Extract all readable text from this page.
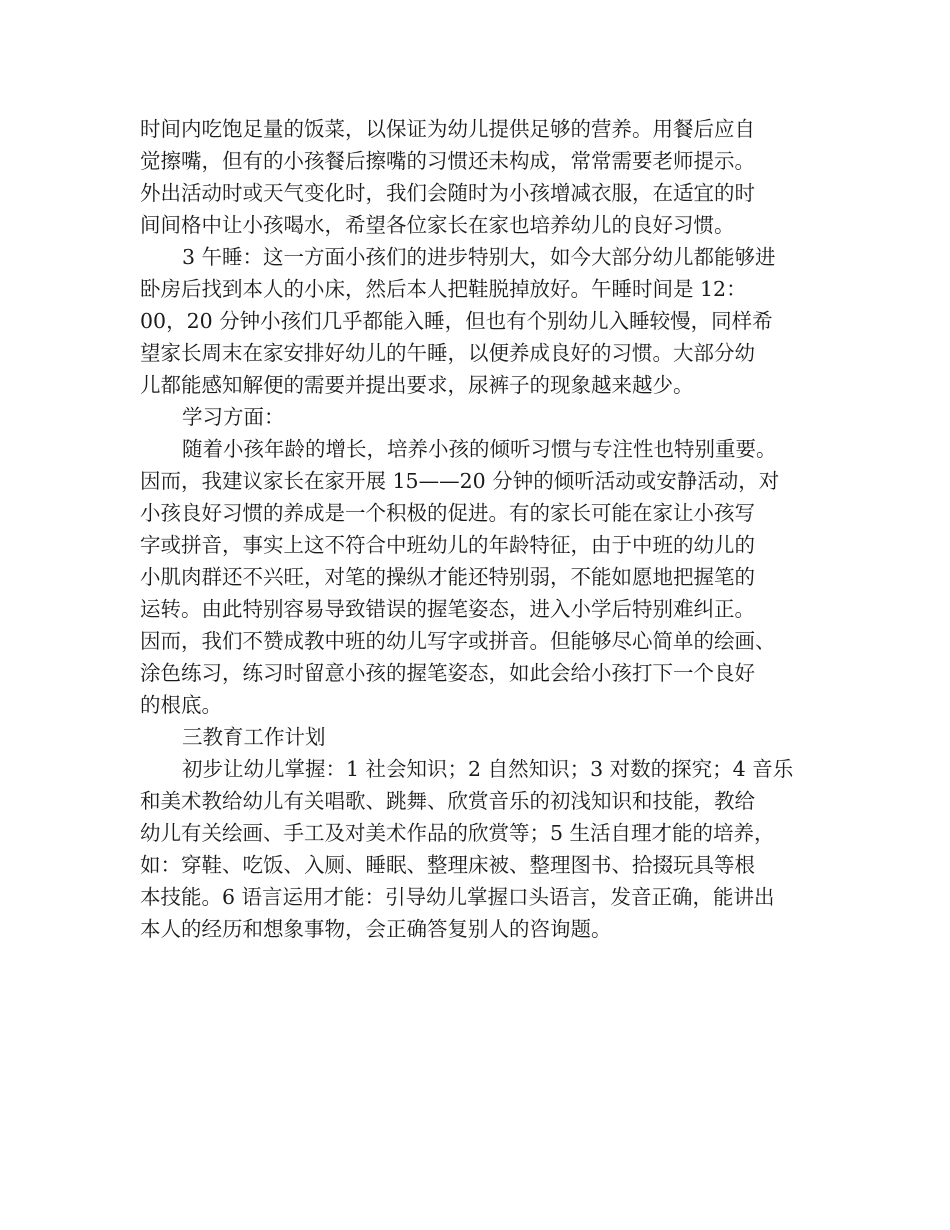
时间内吃饱足量的饭菜，以保证为幼儿提供足够的营养。用餐后应自
觉擦嘴，但有的小孩餐后擦嘴的习惯还未构成，常常需要老师提示。
外出活动时或天气变化时，我们会随时为小孩增减衣服，在适宜的时
间间格中让小孩喝水，希望各位家长在家也培养幼儿的良好习惯。
3 午睡：这一方面小孩们的进步特别大，如今大部分幼儿都能够进
卧房后找到本人的小床，然后本人把鞋脱掉放好。午睡时间是 12：
00，20 分钟小孩们几乎都能入睡，但也有个别幼儿入睡较慢，同样希
望家长周末在家安排好幼儿的午睡，以便养成良好的习惯。大部分幼
儿都能感知解便的需要并提出要求，尿裤子的现象越来越少。
学习方面：
随着小孩年龄的增长，培养小孩的倾听习惯与专注性也特别重要。
因而，我建议家长在家开展 15——20 分钟的倾听活动或安静活动，对
小孩良好习惯的养成是一个积极的促进。有的家长可能在家让小孩写
字或拼音，事实上这不符合中班幼儿的年龄特征，由于中班的幼儿的
小肌肉群还不兴旺，对笔的操纵才能还特别弱，不能如愿地把握笔的
运转。由此特别容易导致错误的握笔姿态，进入小学后特别难纠正。
因而，我们不赞成教中班的幼儿写字或拼音。但能够尽心简单的绘画、
涂色练习，练习时留意小孩的握笔姿态，如此会给小孩打下一个良好
的根底。
三教育工作计划
初步让幼儿掌握：1 社会知识；2 自然知识；3 对数的探究；4 音乐
和美术教给幼儿有关唱歌、跳舞、欣赏音乐的初浅知识和技能，教给
幼儿有关绘画、手工及对美术作品的欣赏等；5 生活自理才能的培养，
如：穿鞋、吃饭、入厕、睡眠、整理床被、整理图书、拾掇玩具等根
本技能。6 语言运用才能：引导幼儿掌握口头语言，发音正确，能讲出
本人的经历和想象事物，会正确答复别人的咨询题。
